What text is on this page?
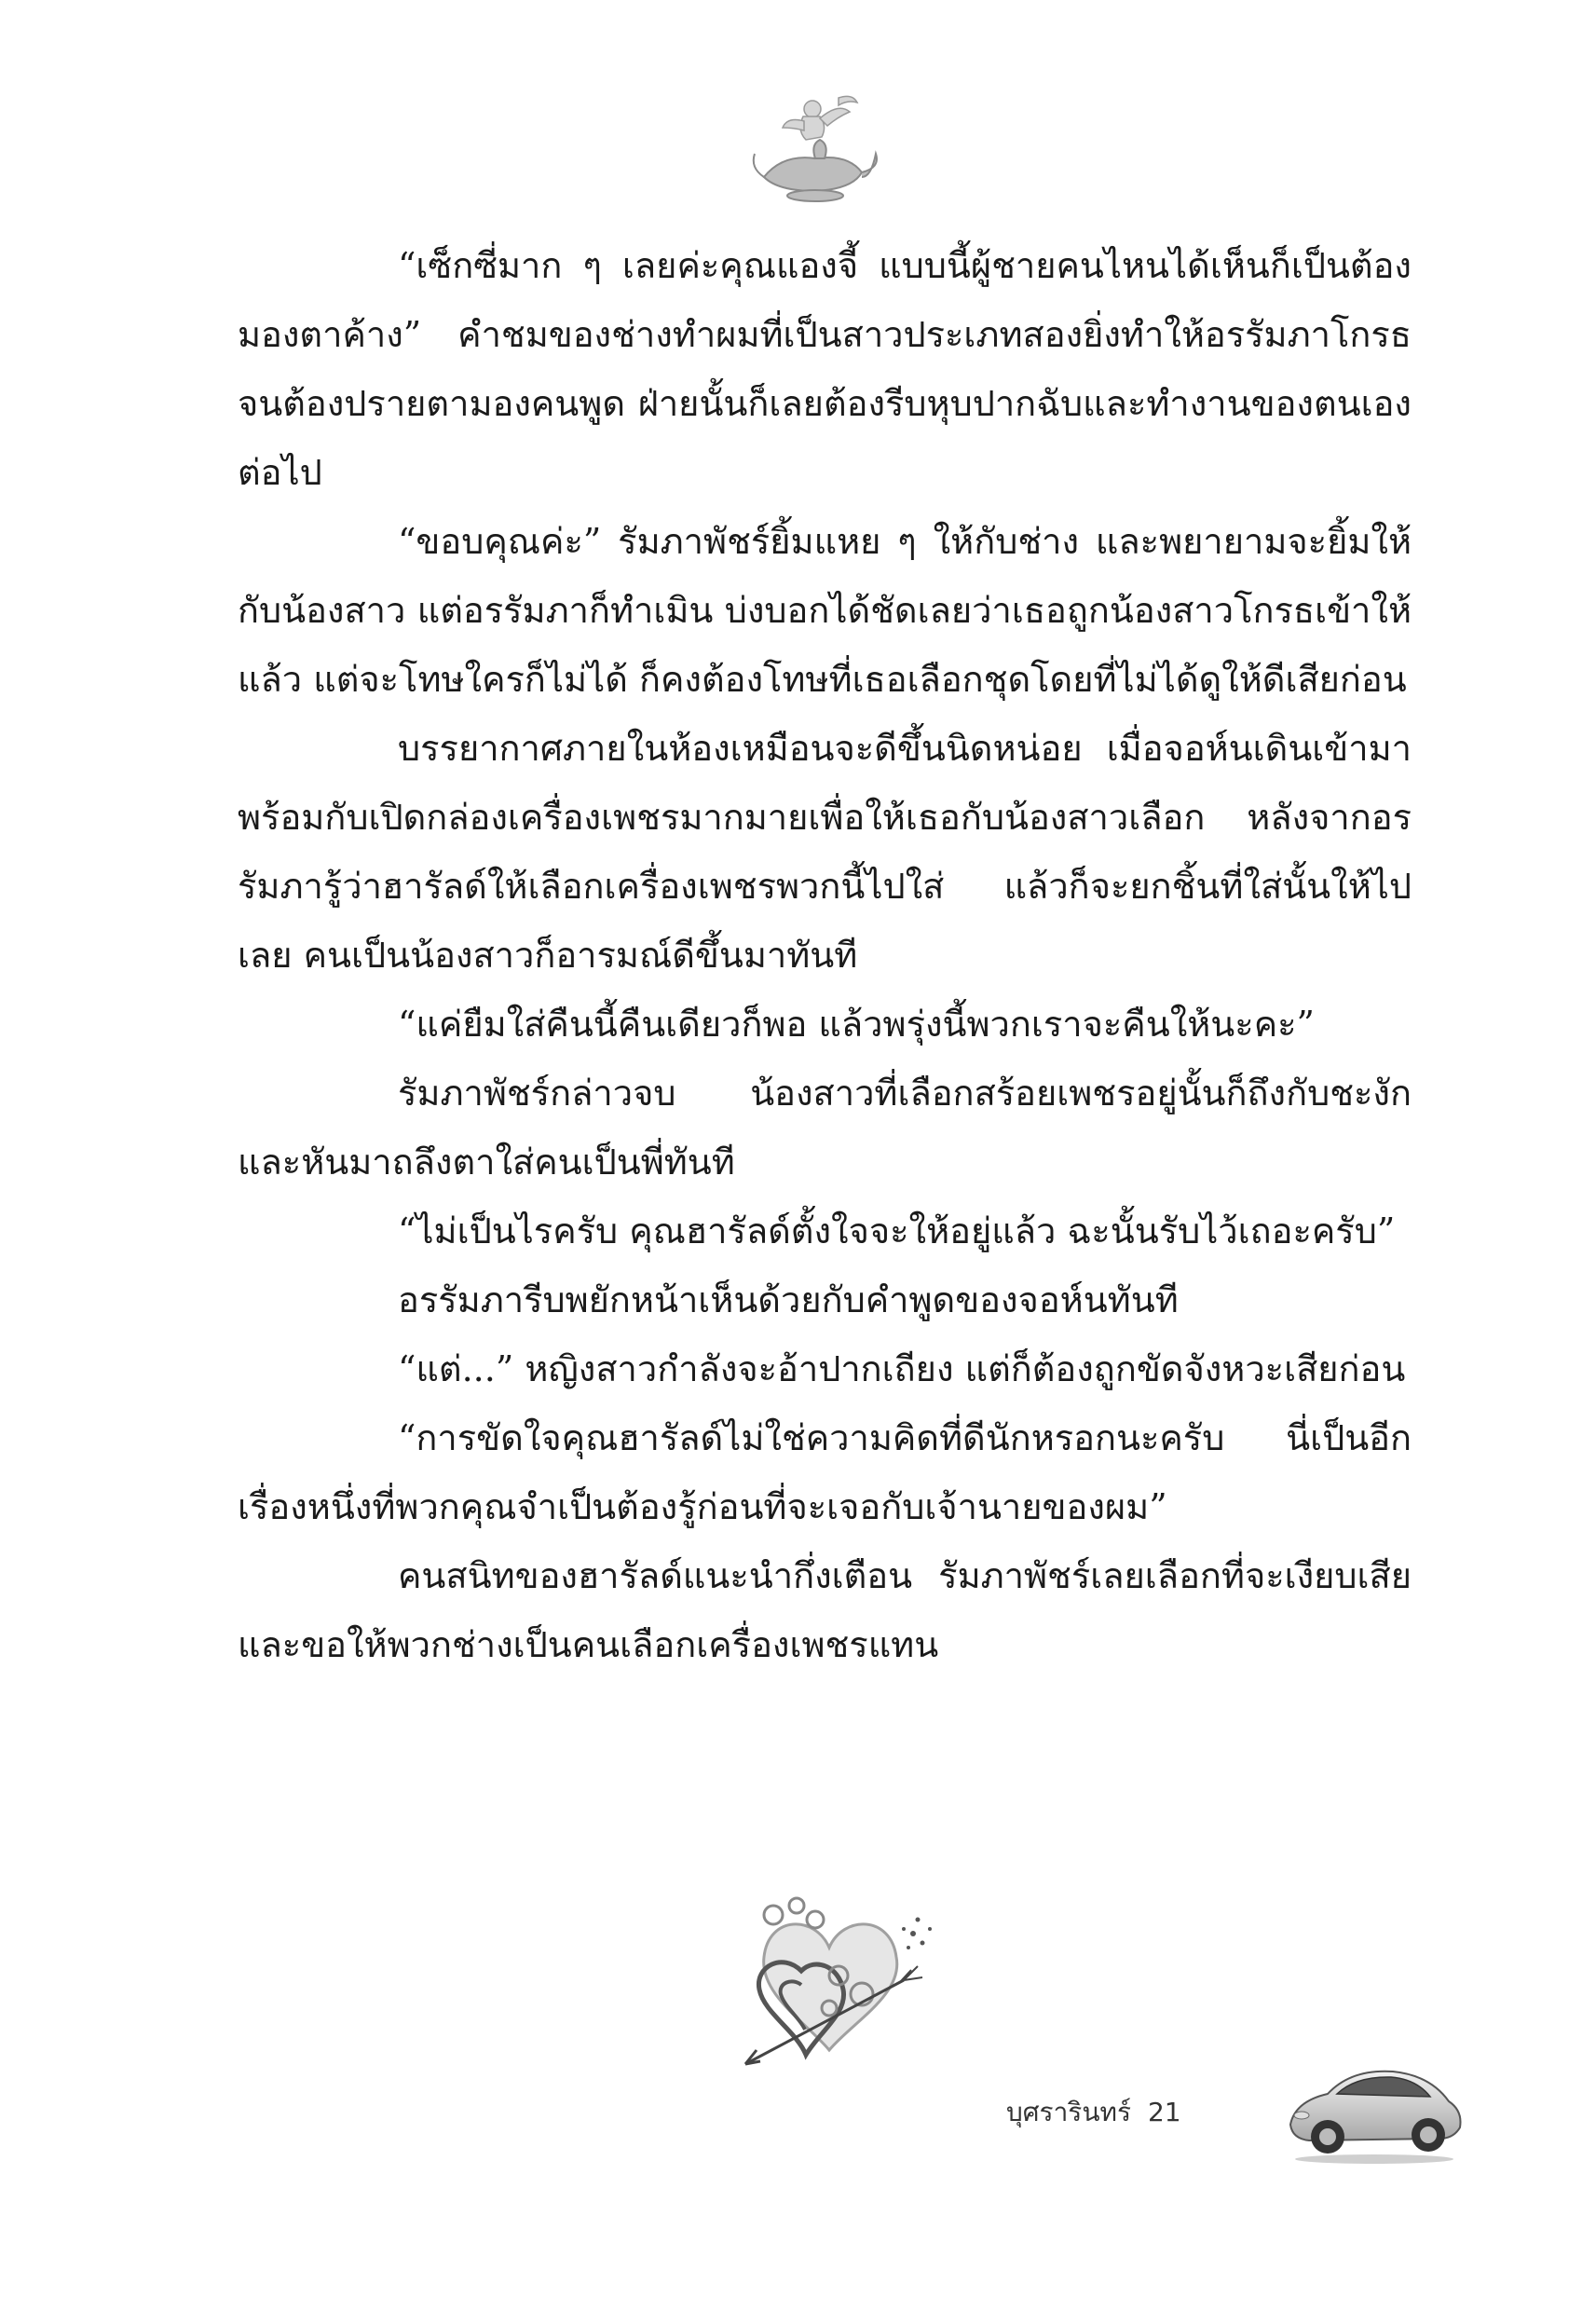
“เซ็กซี่มาก ๆ เลยค่ะคุณแองจี้ แบบนี้ผู้ชายคนไหนได้เห็นก็เป็นต้องมองตาค้าง” คำชมของช่างทำผมที่เป็นสาวประเภทสองยิ่งทำให้อรรัมภาโกรธจนต้องปรายตามองคนพูด ฝ่ายนั้นก็เลยต้องรีบหุบปากฉับและทำงานของตนเองต่อไป

“ขอบคุณค่ะ” รัมภาพัชร์ยิ้มแหย ๆ ให้กับช่าง และพยายามจะยิ้มให้กับน้องสาว แต่อรรัมภาก็ทำเมิน บ่งบอกได้ชัดเลยว่าเธอถูกน้องสาวโกรธเข้าให้แล้ว แต่จะโทษใครก็ไม่ได้ ก็คงต้องโทษที่เธอเลือกชุดโดยที่ไม่ได้ดูให้ดีเสียก่อน

บรรยากาศภายในห้องเหมือนจะดีขึ้นนิดหน่อย เมื่อจอห์นเดินเข้ามาพร้อมกับเปิดกล่องเครื่องเพชรมากมายเพื่อให้เธอกับน้องสาวเลือก หลังจากอรรัมภารู้ว่าฮารัลด์ให้เลือกเครื่องเพชรพวกนี้ไปใส่ แล้วก็จะยกชิ้นที่ใส่นั้นให้ไปเลย คนเป็นน้องสาวก็อารมณ์ดีขึ้นมาทันที

“แค่ยืมใส่คืนนี้คืนเดียวก็พอ แล้วพรุ่งนี้พวกเราจะคืนให้นะคะ”

รัมภาพัชร์กล่าวจบ น้องสาวที่เลือกสร้อยเพชรอยู่นั้นก็ถึงกับชะงัก และหันมาถลึงตาใส่คนเป็นพี่ทันที

“ไม่เป็นไรครับ คุณฮารัลด์ตั้งใจจะให้อยู่แล้ว ฉะนั้นรับไว้เถอะครับ”

อรรัมภารีบพยักหน้าเห็นด้วยกับคำพูดของจอห์นทันที

“แต่...” หญิงสาวกำลังจะอ้าปากเถียง แต่ก็ต้องถูกขัดจังหวะเสียก่อน

“การขัดใจคุณฮารัลด์ไม่ใช่ความคิดที่ดีนักหรอกนะครับ นี่เป็นอีกเรื่องหนึ่งที่พวกคุณจำเป็นต้องรู้ก่อนที่จะเจอกับเจ้านายของผม”

คนสนิทของฮารัลด์แนะนำกึ่งเตือน รัมภาพัชร์เลยเลือกที่จะเงียบเสีย และขอให้พวกช่างเป็นคนเลือกเครื่องเพชรแทน

บุศรารินทร์ 21
